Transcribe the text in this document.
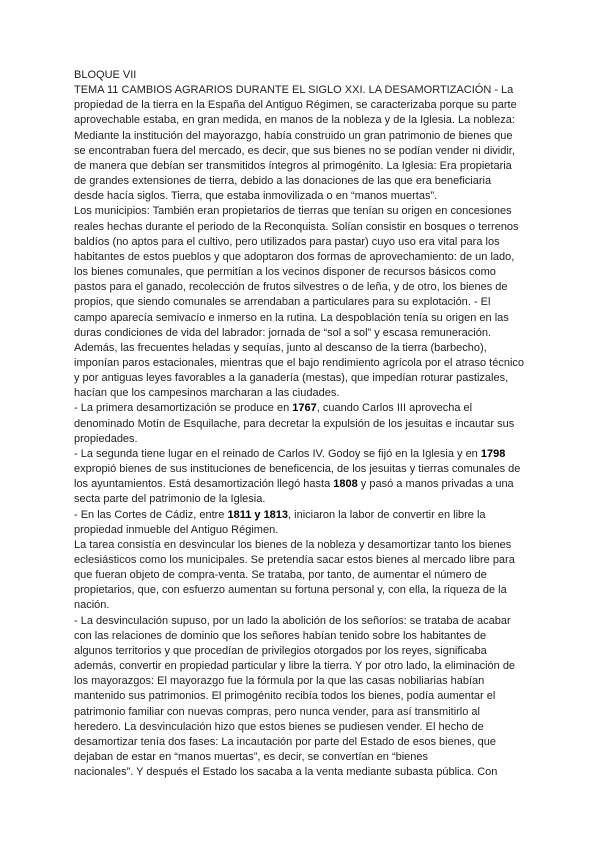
BLOQUE VII
TEMA 11 CAMBIOS AGRARIOS DURANTE EL SIGLO XXI. LA DESAMORTIZACIÓN - La
propiedad de la tierra en la España del Antiguo Régimen, se caracterizaba porque su parte
aprovechable estaba, en gran medida, en manos de la nobleza y de la Iglesia. La nobleza:
Mediante la institución del mayorazgo, había construido un gran patrimonio de bienes que
se encontraban fuera del mercado, es decir, que sus bienes no se podían vender ni dividir,
de manera que debían ser transmitidos íntegros al primogénito. La Iglesia: Era propietaria
de grandes extensiones de tierra, debido a las donaciones de las que era beneficiaria
desde hacía siglos. Tierra, que estaba inmovilizada o en “manos muertas”.
Los municipios: También eran propietarios de tierras que tenían su origen en concesiones
reales hechas durante el periodo de la Reconquista. Solían consistir en bosques o terrenos
baldíos (no aptos para el cultivo, pero utilizados para pastar) cuyo uso era vital para los
habitantes de estos pueblos y que adoptaron dos formas de aprovechamiento: de un lado,
los bienes comunales, que permitían a los vecinos disponer de recursos básicos como
pastos para el ganado, recolección de frutos silvestres o de leña, y de otro, los bienes de
propios, que siendo comunales se arrendaban a particulares para su explotación. - El
campo aparecía semivacío e inmerso en la rutina. La despoblación tenía su origen en las
duras condiciones de vida del labrador: jornada de “sol a sol” y escasa remuneración.
Además, las frecuentes heladas y sequías, junto al descanso de la tierra (barbecho),
imponían paros estacionales, mientras que el bajo rendimiento agrícola por el atraso técnico
y por antiguas leyes favorables a la ganadería (mestas), que impedían roturar pastizales,
hacían que los campesinos marcharan a las ciudades.
- La primera desamortización se produce en 1767, cuando Carlos III aprovecha el
denominado Motín de Esquilache, para decretar la expulsión de los jesuitas e incautar sus
propiedades.
- La segunda tiene lugar en el reinado de Carlos IV. Godoy se fijó en la Iglesia y en 1798
expropió bienes de sus instituciones de beneficencia, de los jesuitas y tierras comunales de
los ayuntamientos. Está desamortización llegó hasta 1808 y pasó a manos privadas a una
secta parte del patrimonio de la Iglesia.
- En las Cortes de Cádiz, entre 1811 y 1813, iniciaron la labor de convertir en libre la
propiedad inmueble del Antiguo Régimen.
La tarea consistía en desvincular los bienes de la nobleza y desamortizar tanto los bienes
eclesiásticos como los municipales. Se pretendía sacar estos bienes al mercado libre para
que fueran objeto de compra-venta. Se trataba, por tanto, de aumentar el número de
propietarios, que, con esfuerzo aumentan su fortuna personal y, con ella, la riqueza de la
nación.
- La desvinculación supuso, por un lado la abolición de los señoríos: se trataba de acabar
con las relaciones de dominio que los señores habían tenido sobre los habitantes de
algunos territorios y que procedían de privilegios otorgados por los reyes, significaba
además, convertir en propiedad particular y libre la tierra. Y por otro lado, la eliminación de
los mayorazgos: El mayorazgo fue la fórmula por la que las casas nobiliarias habían
mantenido sus patrimonios. El primogénito recibía todos los bienes, podía aumentar el
patrimonio familiar con nuevas compras, pero nunca vender, para así transmitirlo al
heredero. La desvinculación hizo que estos bienes se pudiesen vender. El hecho de
desamortizar tenía dos fases: La incautación por parte del Estado de esos bienes, que
dejaban de estar en “manos muertas”, es decir, se convertían en “bienes
nacionales”. Y después el Estado los sacaba a la venta mediante subasta pública. Con
